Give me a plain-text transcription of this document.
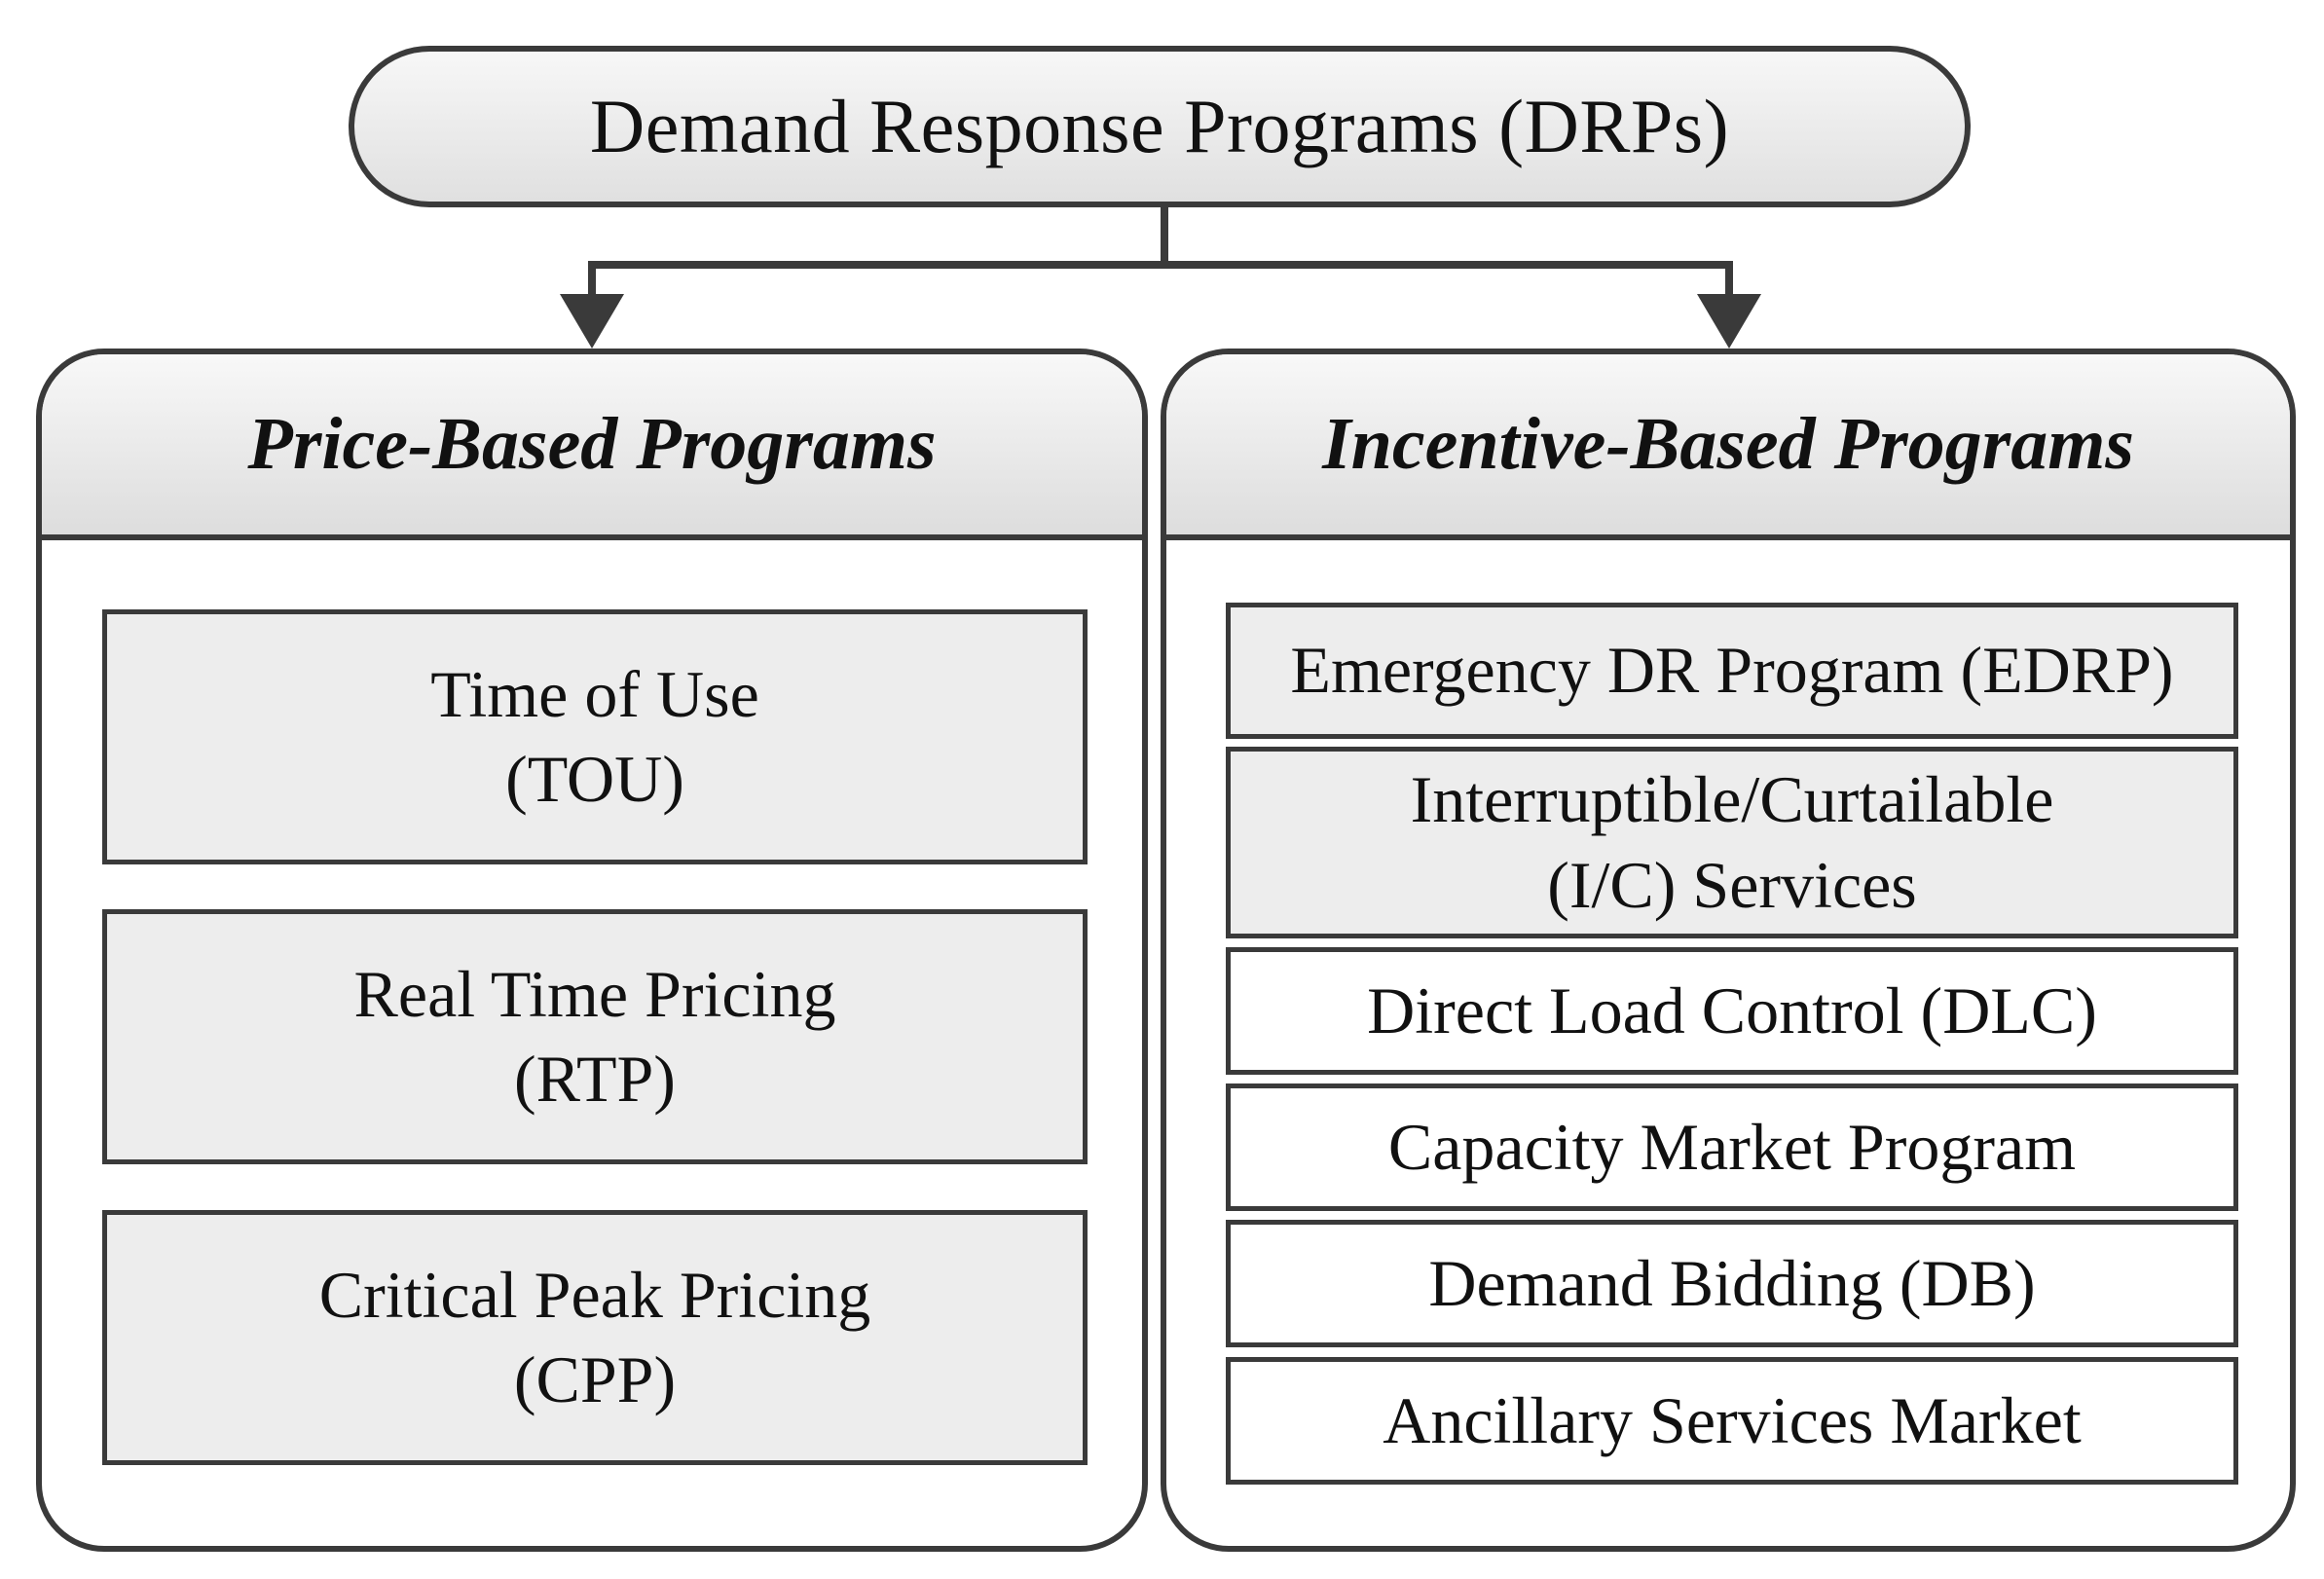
Demand Response Programs (DRPs)
Price-Based Programs
Time of Use
(TOU)
Real Time Pricing
(RTP)
Critical Peak Pricing
(CPP)
Incentive-Based Programs
Emergency DR Program (EDRP)
Interruptible/Curtailable
(I/C) Services
Direct Load Control (DLC)
Capacity Market Program
Demand Bidding (DB)
Ancillary Services Market
